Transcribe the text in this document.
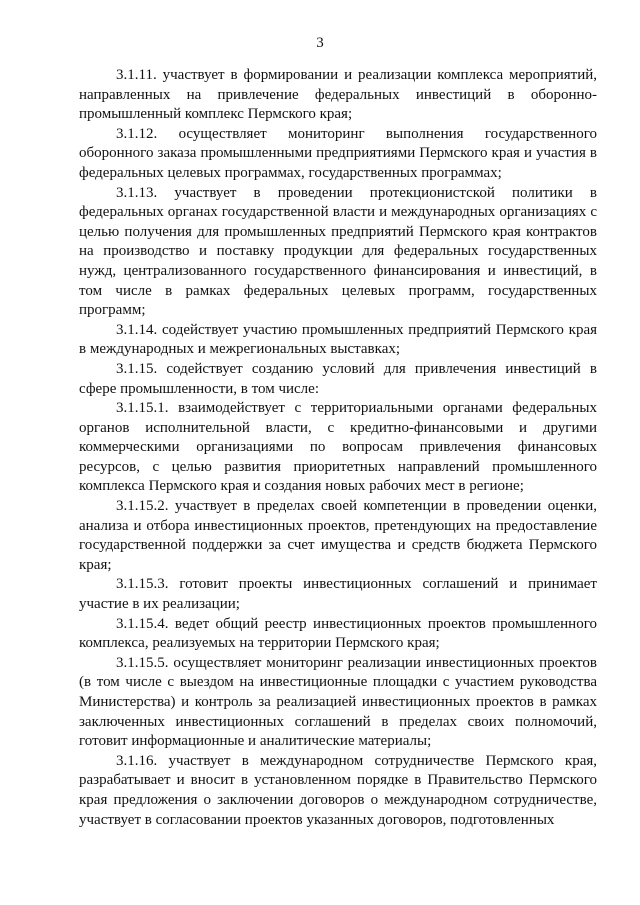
3

3.1.11. участвует в формировании и реализации комплекса мероприятий, направленных на привлечение федеральных инвестиций в оборонно-промышленный комплекс Пермского края;

3.1.12. осуществляет мониторинг выполнения государственного оборонного заказа промышленными предприятиями Пермского края и участия в федеральных целевых программах, государственных программах;

3.1.13. участвует в проведении протекционистской политики в федеральных органах государственной власти и международных организациях с целью получения для промышленных предприятий Пермского края контрактов на производство и поставку продукции для федеральных государственных нужд, централизованного государственного финансирования и инвестиций, в том числе в рамках федеральных целевых программ, государственных программ;

3.1.14. содействует участию промышленных предприятий Пермского края в международных и межрегиональных выставках;

3.1.15. содействует созданию условий для привлечения инвестиций в сфере промышленности, в том числе:

3.1.15.1. взаимодействует с территориальными органами федеральных органов исполнительной власти, с кредитно-финансовыми и другими коммерческими организациями по вопросам привлечения финансовых ресурсов, с целью развития приоритетных направлений промышленного комплекса Пермского края и создания новых рабочих мест в регионе;

3.1.15.2. участвует в пределах своей компетенции в проведении оценки, анализа и отбора инвестиционных проектов, претендующих на предоставление государственной поддержки за счет имущества и средств бюджета Пермского края;

3.1.15.3. готовит проекты инвестиционных соглашений и принимает участие в их реализации;

3.1.15.4. ведет общий реестр инвестиционных проектов промышленного комплекса, реализуемых на территории Пермского края;

3.1.15.5. осуществляет мониторинг реализации инвестиционных проектов (в том числе с выездом на инвестиционные площадки с участием руководства Министерства) и контроль за реализацией инвестиционных проектов в рамках заключенных инвестиционных соглашений в пределах своих полномочий, готовит информационные и аналитические материалы;

3.1.16. участвует в международном сотрудничестве Пермского края, разрабатывает и вносит в установленном порядке в Правительство Пермского края предложения о заключении договоров о международном сотрудничестве, участвует в согласовании проектов указанных договоров, подготовленных
